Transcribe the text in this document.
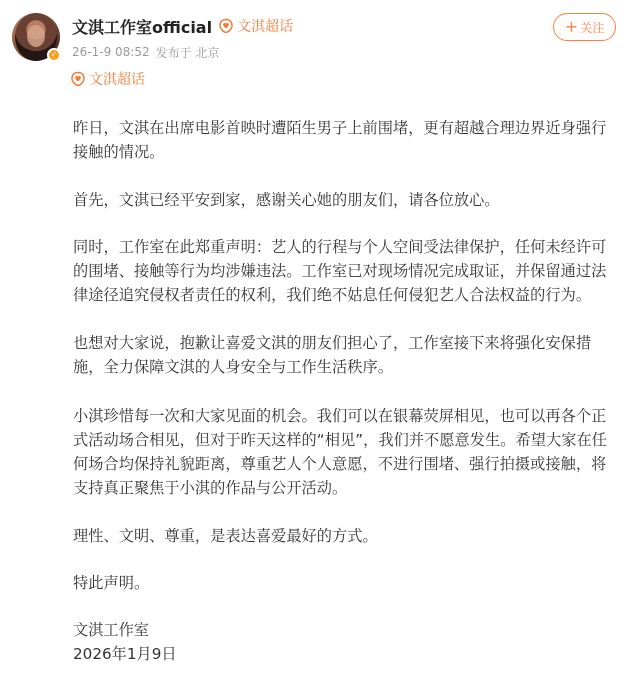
✓
文淇工作室official 文淇超话
26-1-9 08:52 发布于 北京
+ 关注
文淇超话

昨日，文淇在出席电影首映时遭陌生男子上前围堵，更有超越合理边界近身强行接触的情况。

首先，文淇已经平安到家，感谢关心她的朋友们，请各位放心。

同时，工作室在此郑重声明：艺人的行程与个人空间受法律保护，任何未经许可的围堵、接触等行为均涉嫌违法。工作室已对现场情况完成取证，并保留通过法律途径追究侵权者责任的权利，我们绝不姑息任何侵犯艺人合法权益的行为。

也想对大家说，抱歉让喜爱文淇的朋友们担心了，工作室接下来将强化安保措施，全力保障文淇的人身安全与工作生活秩序。

小淇珍惜每一次和大家见面的机会。我们可以在银幕荧屏相见，也可以再各个正式活动场合相见，但对于昨天这样的“相见”，我们并不愿意发生。希望大家在任何场合均保持礼貌距离，尊重艺人个人意愿，不进行围堵、强行拍摄或接触，将支持真正聚焦于小淇的作品与公开活动。

理性、文明、尊重，是表达喜爱最好的方式。

特此声明。

文淇工作室
2026年1月9日
